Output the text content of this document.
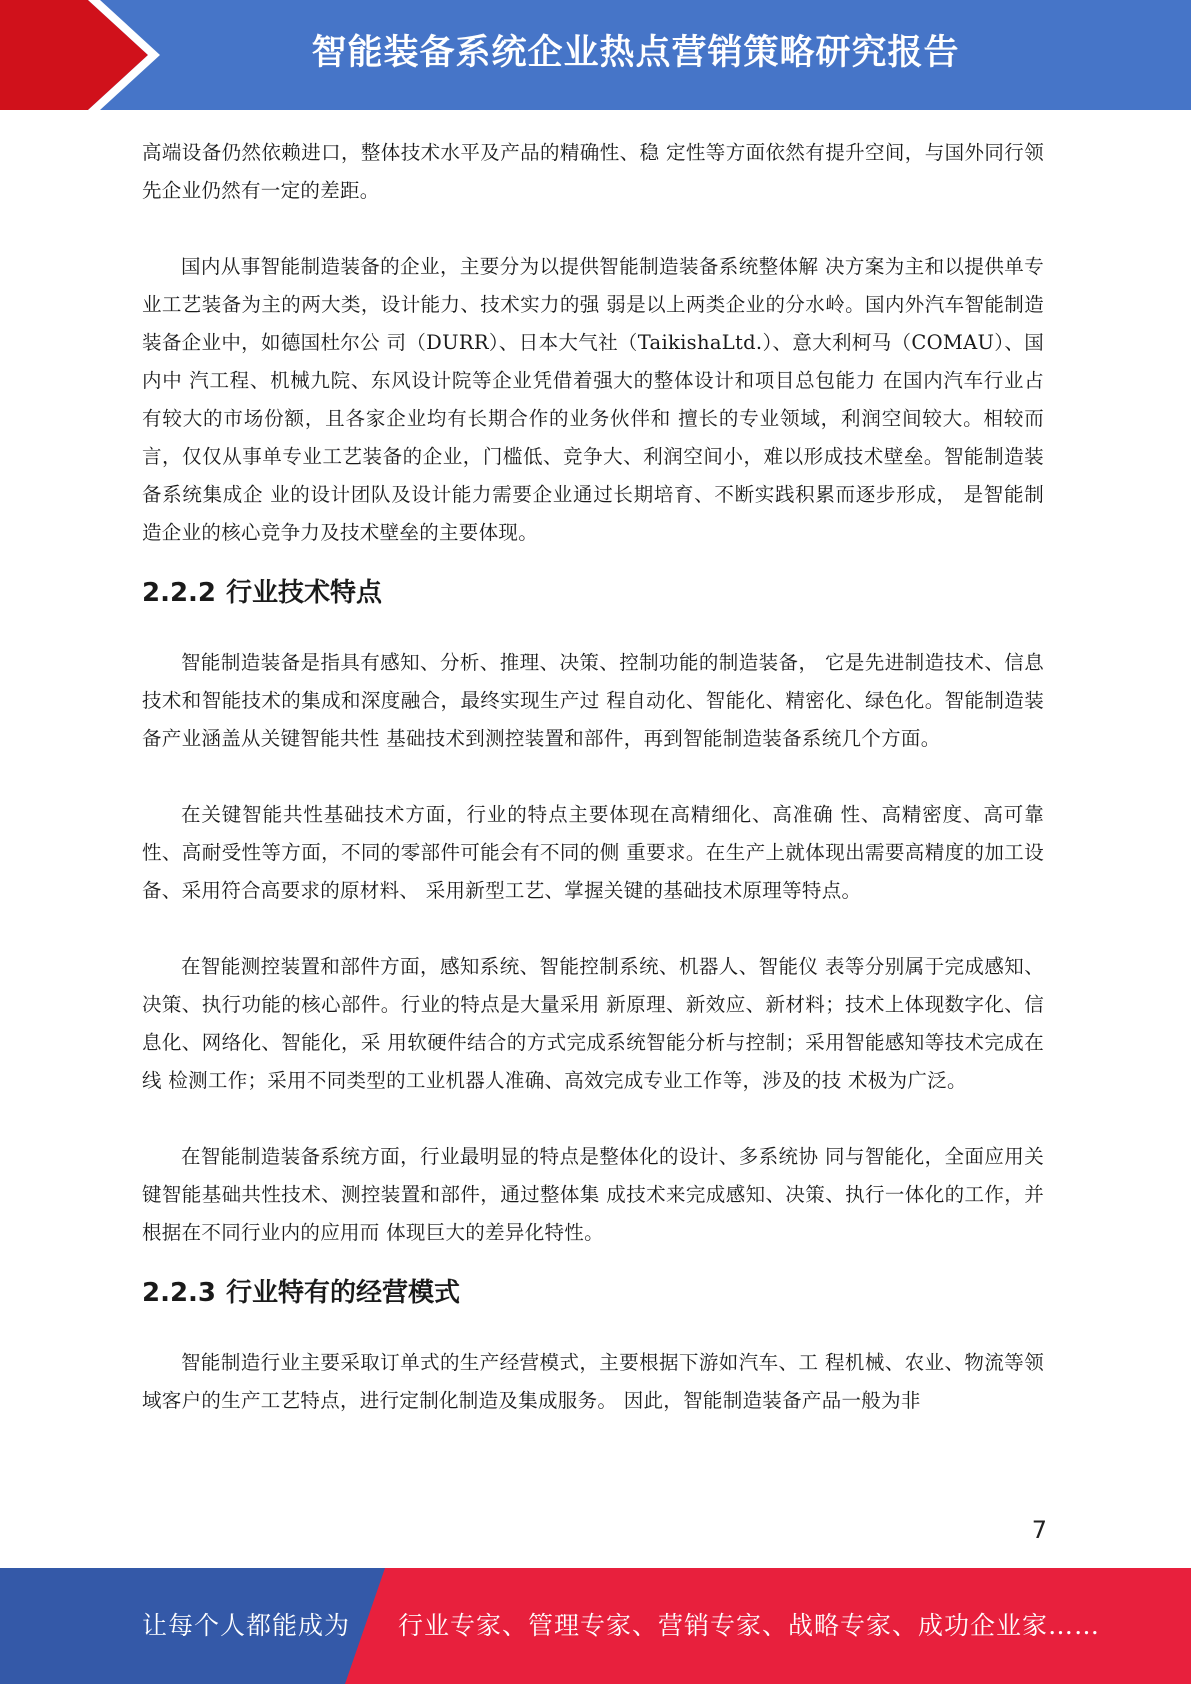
智能装备系统企业热点营销策略研究报告

高端设备仍然依赖进口，整体技术水平及产品的精确性、稳 定性等方面依然有提升空间，与国外同行领先企业仍然有一定的差距。

国内从事智能制造装备的企业，主要分为以提供智能制造装备系统整体解 决方案为主和以提供单专业工艺装备为主的两大类，设计能力、技术实力的强 弱是以上两类企业的分水岭。国内外汽车智能制造装备企业中，如德国杜尔公 司（DURR）、日本大气社（TaikishaLtd.）、意大利柯马（COMAU）、国内中 汽工程、机械九院、东风设计院等企业凭借着强大的整体设计和项目总包能力 在国内汽车行业占有较大的市场份额，且各家企业均有长期合作的业务伙伴和 擅长的专业领域，利润空间较大。相较而言，仅仅从事单专业工艺装备的企业，门槛低、竞争大、利润空间小，难以形成技术壁垒。智能制造装备系统集成企 业的设计团队及设计能力需要企业通过长期培育、不断实践积累而逐步形成， 是智能制造企业的核心竞争力及技术壁垒的主要体现。

2.2.2 行业技术特点

智能制造装备是指具有感知、分析、推理、决策、控制功能的制造装备， 它是先进制造技术、信息技术和智能技术的集成和深度融合，最终实现生产过 程自动化、智能化、精密化、绿色化。智能制造装备产业涵盖从关键智能共性 基础技术到测控装置和部件，再到智能制造装备系统几个方面。

在关键智能共性基础技术方面，行业的特点主要体现在高精细化、高准确 性、高精密度、高可靠性、高耐受性等方面，不同的零部件可能会有不同的侧 重要求。在生产上就体现出需要高精度的加工设备、采用符合高要求的原材料、 采用新型工艺、掌握关键的基础技术原理等特点。

在智能测控装置和部件方面，感知系统、智能控制系统、机器人、智能仪 表等分别属于完成感知、决策、执行功能的核心部件。行业的特点是大量采用 新原理、新效应、新材料；技术上体现数字化、信息化、网络化、智能化，采 用软硬件结合的方式完成系统智能分析与控制；采用智能感知等技术完成在线 检测工作；采用不同类型的工业机器人准确、高效完成专业工作等，涉及的技 术极为广泛。

在智能制造装备系统方面，行业最明显的特点是整体化的设计、多系统协 同与智能化，全面应用关键智能基础共性技术、测控装置和部件，通过整体集 成技术来完成感知、决策、执行一体化的工作，并根据在不同行业内的应用而 体现巨大的差异化特性。

2.2.3 行业特有的经营模式

智能制造行业主要采取订单式的生产经营模式，主要根据下游如汽车、工 程机械、农业、物流等领域客户的生产工艺特点，进行定制化制造及集成服务。 因此，智能制造装备产品一般为非

7
让每个人都能成为 行业专家、管理专家、营销专家、战略专家、成功企业家……
